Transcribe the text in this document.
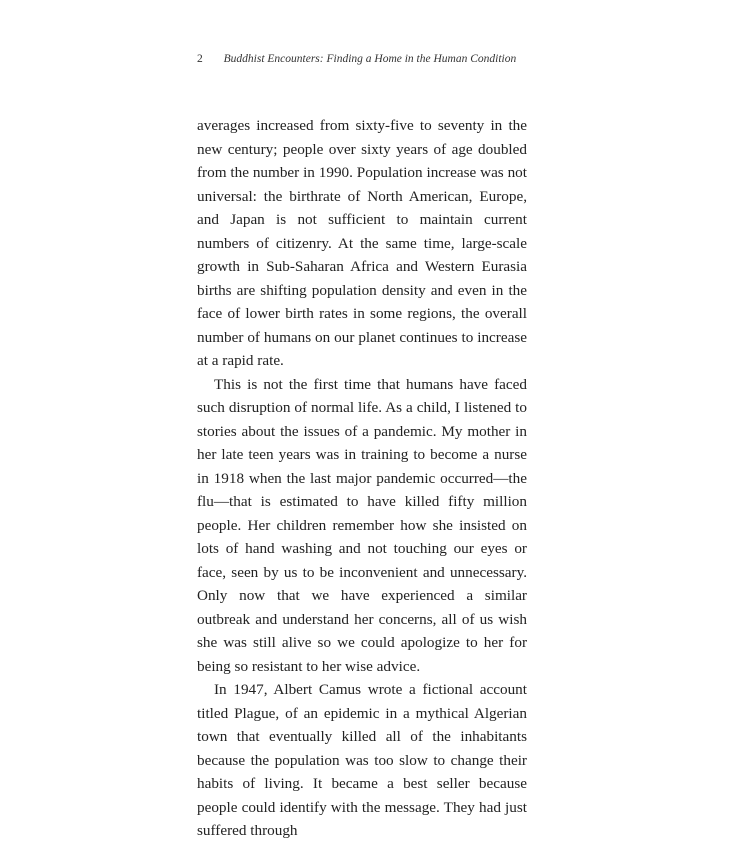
2 Buddhist Encounters: Finding a Home in the Human Condition

averages increased from sixty-five to seventy in the new century; people over sixty years of age doubled from the number in 1990. Population increase was not universal: the birthrate of North American, Europe, and Japan is not sufficient to maintain current numbers of citizenry. At the same time, large-scale growth in Sub-Saharan Africa and Western Eurasia births are shifting population density and even in the face of lower birth rates in some regions, the overall number of humans on our planet continues to increase at a rapid rate.

This is not the first time that humans have faced such disruption of normal life. As a child, I listened to stories about the issues of a pandemic. My mother in her late teen years was in training to become a nurse in 1918 when the last major pandemic occurred—the flu—that is estimated to have killed fifty million people. Her children remember how she insisted on lots of hand washing and not touching our eyes or face, seen by us to be inconvenient and unnecessary. Only now that we have experienced a similar outbreak and understand her concerns, all of us wish she was still alive so we could apologize to her for being so resistant to her wise advice.

In 1947, Albert Camus wrote a fictional account titled Plague, of an epidemic in a mythical Algerian town that eventually killed all of the inhabitants because the population was too slow to change their habits of living. It became a best seller because people could identify with the message. They had just suffered through
